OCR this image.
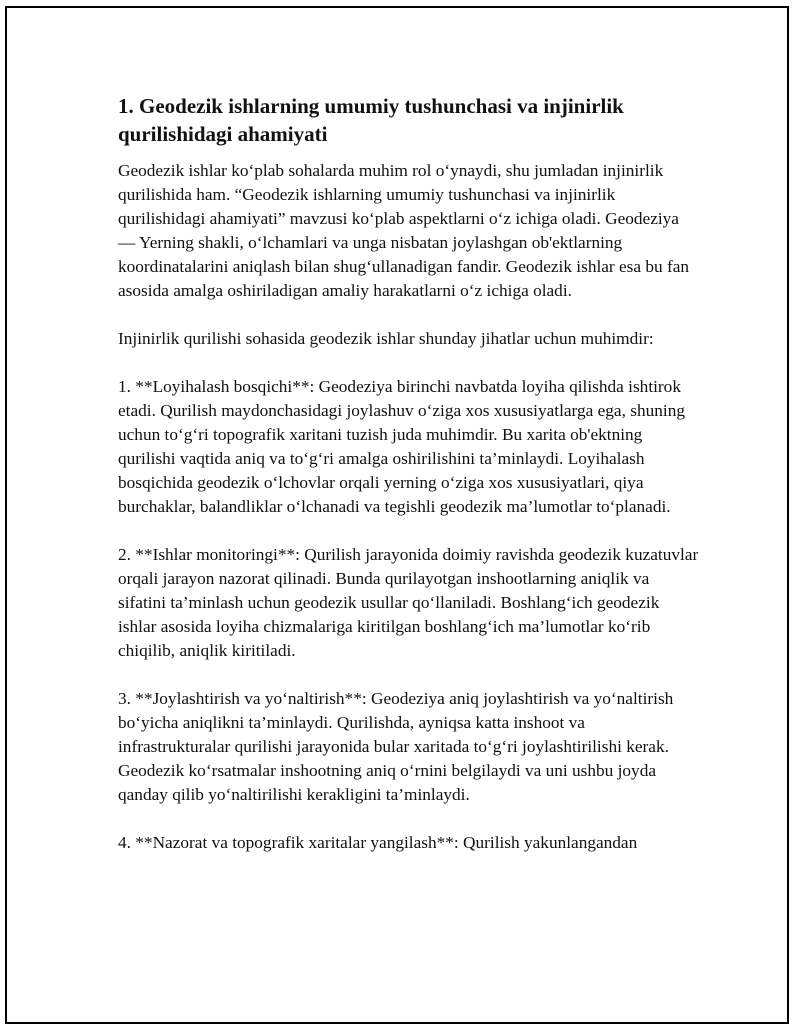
1. Geodezik ishlarning umumiy tushunchasi va injinirlik qurilishidagi ahamiyati

Geodezik ishlar ko‘plab sohalarda muhim rol o‘ynaydi, shu jumladan injinirlik qurilishida ham. “Geodezik ishlarning umumiy tushunchasi va injinirlik qurilishidagi ahamiyati” mavzusi ko‘plab aspektlarni o‘z ichiga oladi. Geodeziya — Yerning shakli, o‘lchamlari va unga nisbatan joylashgan ob'ektlarning koordinatalarini aniqlash bilan shug‘ullanadigan fandir. Geodezik ishlar esa bu fan asosida amalga oshiriladigan amaliy harakatlarni o‘z ichiga oladi.

Injinirlik qurilishi sohasida geodezik ishlar shunday jihatlar uchun muhimdir:

1. **Loyihalash bosqichi**: Geodeziya birinchi navbatda loyiha qilishda ishtirok etadi. Qurilish maydonchasidagi joylashuv o‘ziga xos xususiyatlarga ega, shuning uchun to‘g‘ri topografik xaritani tuzish juda muhimdir. Bu xarita ob'ektning qurilishi vaqtida aniq va to‘g‘ri amalga oshirilishini ta’minlaydi. Loyihalash bosqichida geodezik o‘lchovlar orqali yerning o‘ziga xos xususiyatlari, qiya burchaklar, balandliklar o‘lchanadi va tegishli geodezik ma’lumotlar to‘planadi.

2. **Ishlar monitoringi**: Qurilish jarayonida doimiy ravishda geodezik kuzatuvlar orqali jarayon nazorat qilinadi. Bunda qurilayotgan inshootlarning aniqlik va sifatini ta’minlash uchun geodezik usullar qo‘llaniladi. Boshlang‘ich geodezik ishlar asosida loyiha chizmalariga kiritilgan boshlang‘ich ma’lumotlar ko‘rib chiqilib, aniqlik kiritiladi.

3. **Joylashtirish va yo‘naltirish**: Geodeziya aniq joylashtirish va yo‘naltirish bo‘yicha aniqlikni ta’minlaydi. Qurilishda, ayniqsa katta inshoot va infrastrukturalar qurilishi jarayonida bular xaritada to‘g‘ri joylashtirilishi kerak. Geodezik ko‘rsatmalar inshootning aniq o‘rnini belgilaydi va uni ushbu joyda qanday qilib yo‘naltirilishi kerakligini ta’minlaydi.

4. **Nazorat va topografik xaritalar yangilash**: Qurilish yakunlangandan
